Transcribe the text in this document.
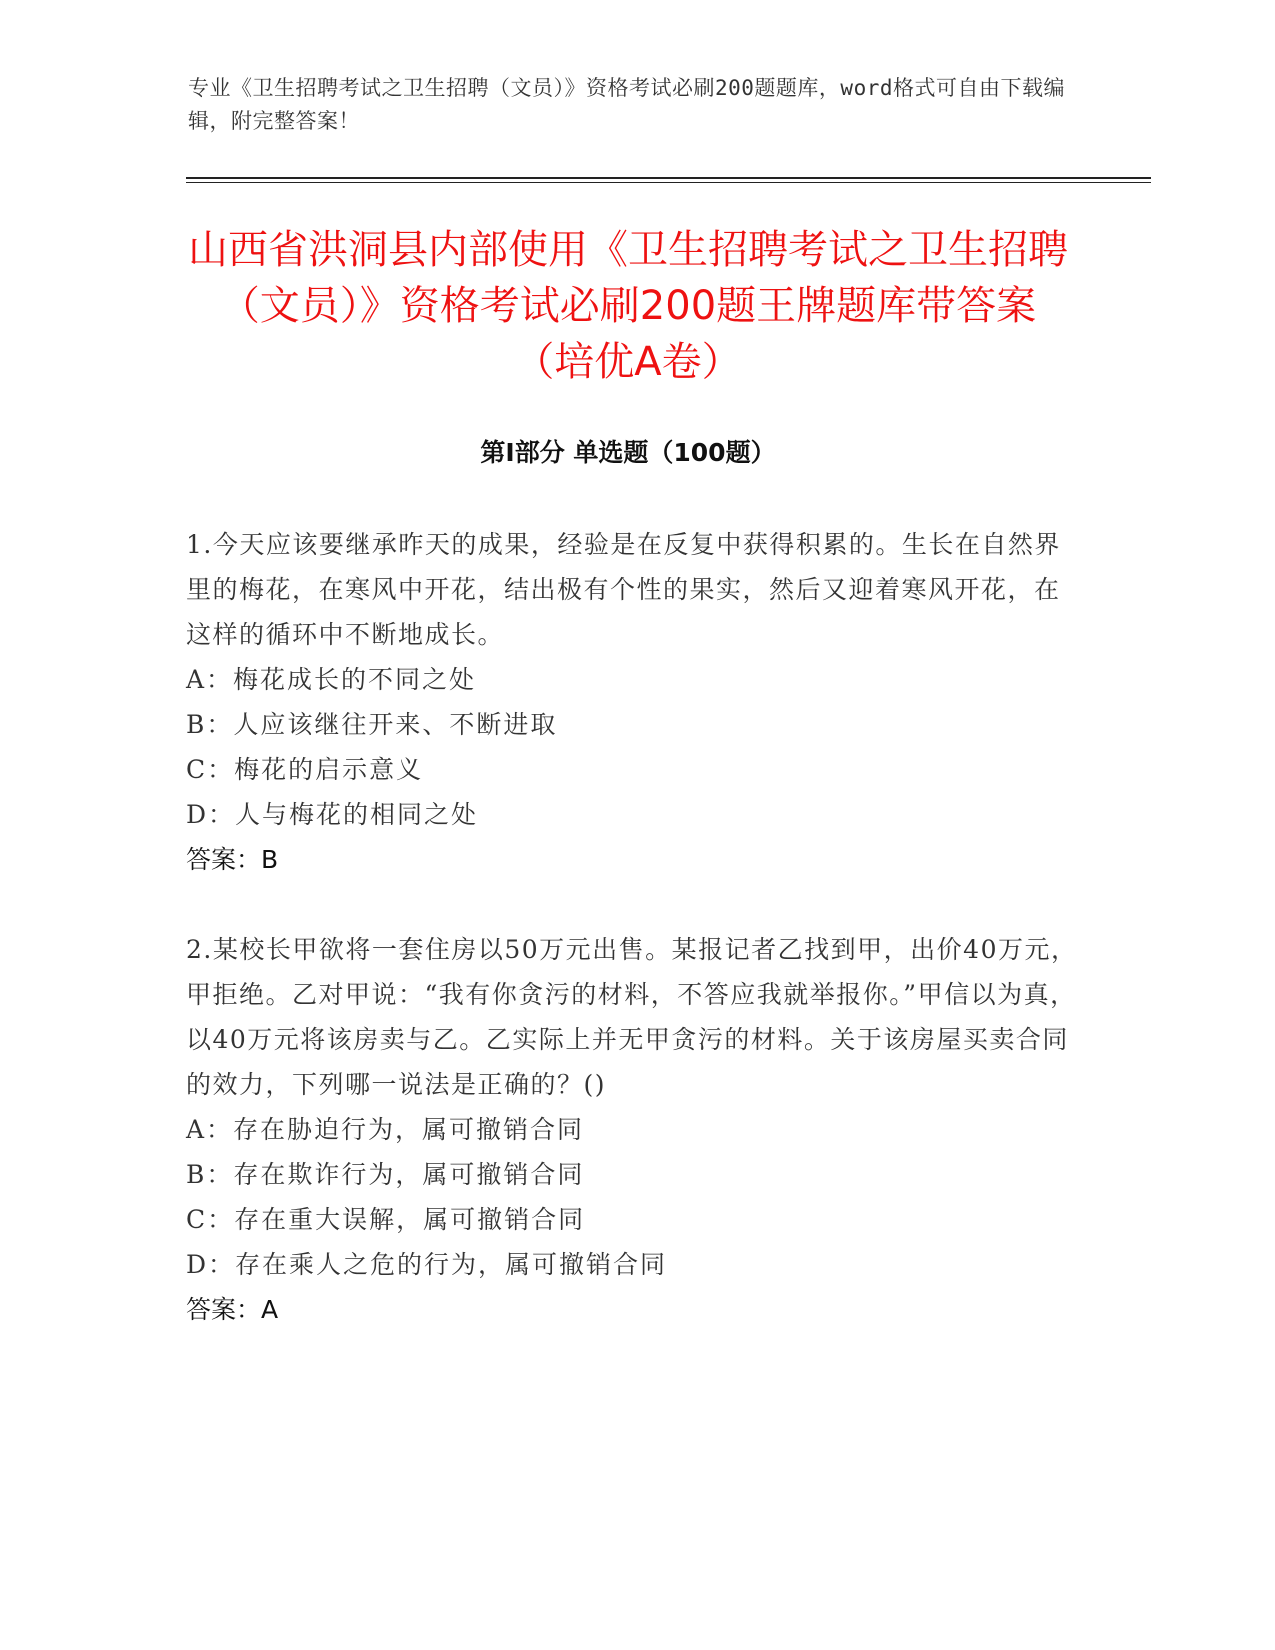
专业《卫生招聘考试之卫生招聘（文员）》资格考试必刷200题题库，word格式可自由下载编辑，附完整答案！
山西省洪洞县内部使用《卫生招聘考试之卫生招聘（文员）》资格考试必刷200题王牌题库带答案（培优A卷）
第Ⅰ部分 单选题（100题）

1.今天应该要继承昨天的成果，经验是在反复中获得积累的。生长在自然界里的梅花，在寒风中开花，结出极有个性的果实，然后又迎着寒风开花，在这样的循环中不断地成长。

A：梅花成长的不同之处

B：人应该继往开来、不断进取

C：梅花的启示意义

D：人与梅花的相同之处

答案：B

2.某校长甲欲将一套住房以50万元出售。某报记者乙找到甲，出价40万元，甲拒绝。乙对甲说：“我有你贪污的材料，不答应我就举报你。”甲信以为真，以40万元将该房卖与乙。乙实际上并无甲贪污的材料。关于该房屋买卖合同的效力，下列哪一说法是正确的？()

A：存在胁迫行为，属可撤销合同

B：存在欺诈行为，属可撤销合同

C：存在重大误解，属可撤销合同

D：存在乘人之危的行为，属可撤销合同

答案：A
